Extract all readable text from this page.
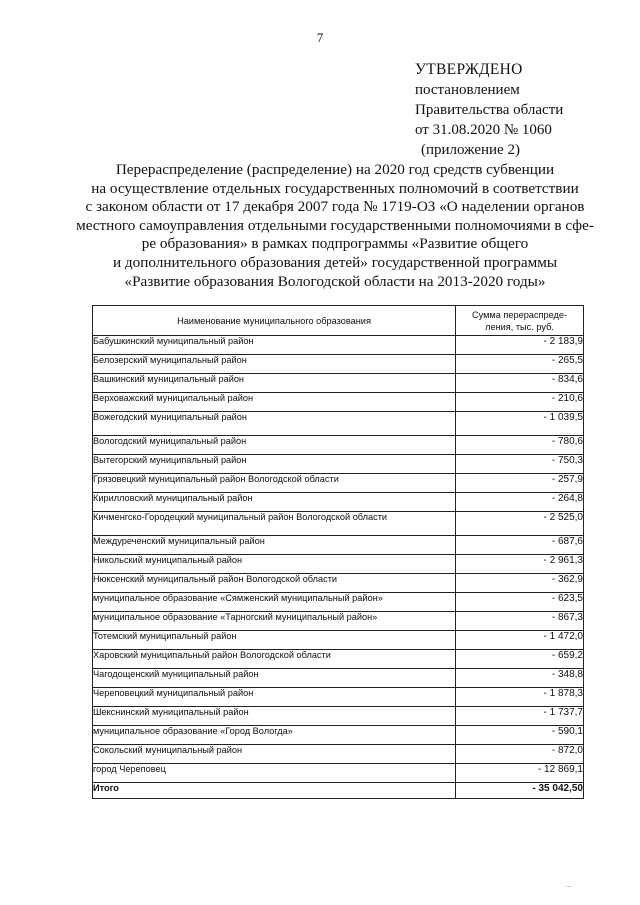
7
УТВЕРЖДЕНО
постановлением
Правительства области
от 31.08.2020 № 1060
(приложение 2)
Перераспределение (распределение) на 2020 год средств субвенции
на осуществление отдельных государственных полномочий в соответствии
с законом области от 17 декабря 2007 года № 1719-ОЗ «О наделении органов
местного самоуправления отдельными государственными полномочиями в сфе-
ре образования» в рамках подпрограммы «Развитие общего
и дополнительного образования детей» государственной программы
«Развитие образования Вологодской области на 2013-2020 годы»
Наименование муниципального образования	Сумма перераспреде-
ления, тыс. руб.

Бабушкинский муниципальный район	- 2 183,9
Белозерский муниципальный район	- 265,5
Вашкинский муниципальный район	- 834,6
Верховажский муниципальный район	- 210,6
Вожегодский муниципальный район	- 1 039,5
Вологодский муниципальный район	- 780,6
Вытегорский муниципальный район	- 750,3
Грязовецкий муниципальный район Вологодской области	- 257,9
Кирилловский муниципальный район	- 264,8
Кичменгско-Городецкий муниципальный район Вологодской области	- 2 525,0
Междуреченский муниципальный район	- 687,6
Никольский муниципальный район	- 2 961,3
Нюксенский муниципальный район Вологодской области	- 362,9
муниципальное образование «Сямженский муниципальный район»	- 623,5
муниципальное образование «Тарногский муниципальный район»	- 867,3
Тотемский муниципальный район	- 1 472,0
Харовский муниципальный район Вологодской области	- 659,2
Чагодощенский муниципальный район	- 348,8
Череповецкий муниципальный район	- 1 878,3
Шекснинский муниципальный район	- 1 737,7
муниципальное образование «Город Вологда»	- 590,1
Сокольский муниципальный район	- 872,0
город Череповец	- 12 869,1
Итого	- 35 042,50
⋅⋅⋅
